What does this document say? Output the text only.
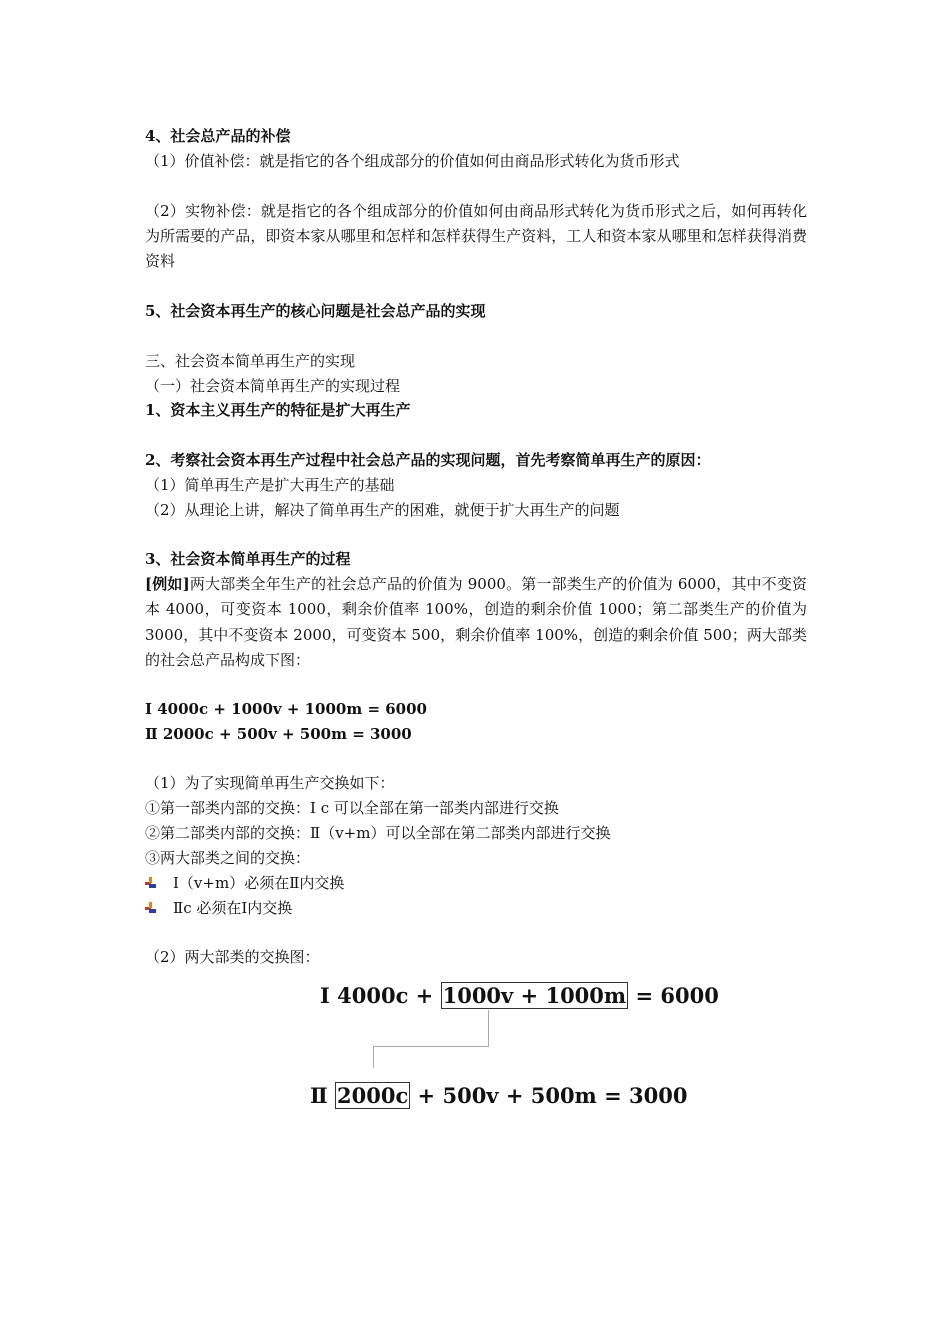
4、社会总产品的补偿
（1）价值补偿：就是指它的各个组成部分的价值如何由商品形式转化为货币形式
（2）实物补偿：就是指它的各个组成部分的价值如何由商品形式转化为货币形式之后，如何再转化为所需要的产品，即资本家从哪里和怎样和怎样获得生产资料，工人和资本家从哪里和怎样获得消费资料
5、社会资本再生产的核心问题是社会总产品的实现
三、社会资本简单再生产的实现
（一）社会资本简单再生产的实现过程
1、资本主义再生产的特征是扩大再生产
2、考察社会资本再生产过程中社会总产品的实现问题，首先考察简单再生产的原因：
（1）简单再生产是扩大再生产的基础
（2）从理论上讲，解决了简单再生产的困难，就便于扩大再生产的问题
3、社会资本简单再生产的过程
[例如]两大部类全年生产的社会总产品的价值为 9000。第一部类生产的价值为 6000，其中不变资本 4000，可变资本 1000，剩余价值率 100%，创造的剩余价值 1000；第二部类生产的价值为 3000，其中不变资本 2000，可变资本 500，剩余价值率 100%，创造的剩余价值 500；两大部类的社会总产品构成下图：
Ⅰ 4000c + 1000v + 1000m = 6000
Ⅱ 2000c + 500v + 500m = 3000
（1）为了实现简单再生产交换如下：
①第一部类内部的交换：Ⅰ c 可以全部在第一部类内部进行交换
②第二部类内部的交换：Ⅱ（v+m）可以全部在第二部类内部进行交换
③两大部类之间的交换：
Ⅰ（v+m）必须在Ⅱ内交换
Ⅱc 必须在Ⅰ内交换
（2）两大部类的交换图：
Ⅰ 4000c + 1000v + 1000m = 6000
Ⅱ 2000c + 500v + 500m = 3000
